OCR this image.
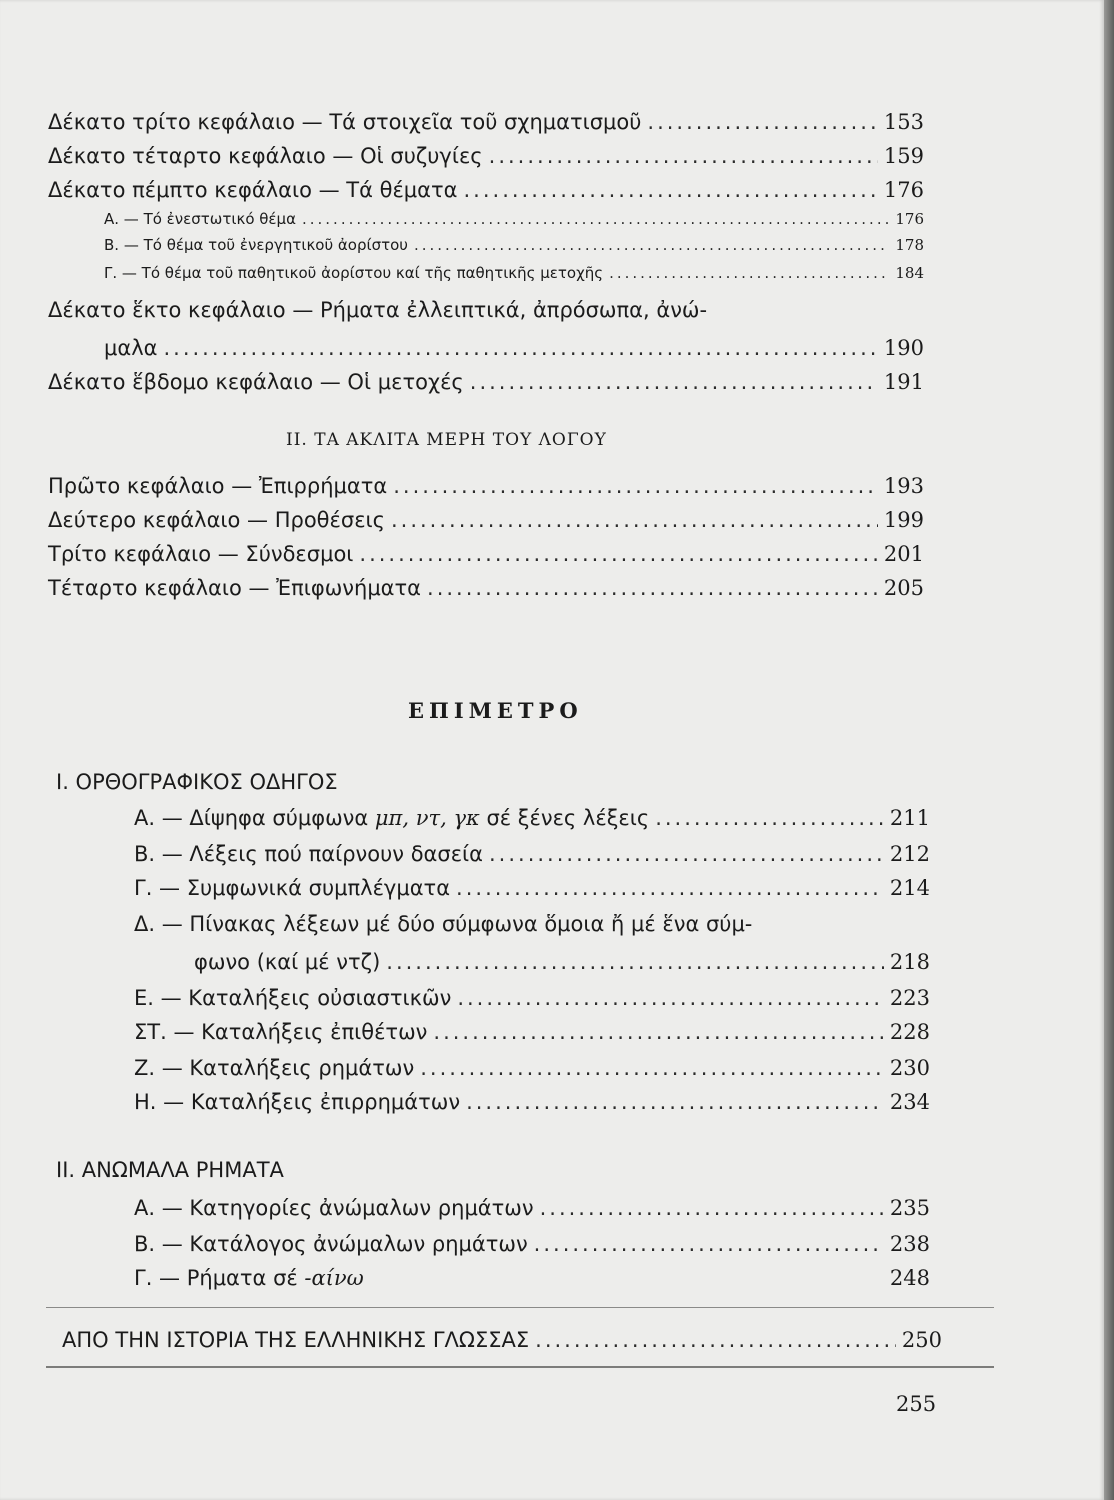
Δέκατο τρίτο κεφάλαιο — Τά στοιχεῖα τοῦ σχηματισμοῦ .....	153
Δέκατο τέταρτο κεφάλαιο — Οἱ συζυγίες .....	159
Δέκατο πέμπτο κεφάλαιο — Τά θέματα .....	176
Α. — Τό ἐνεστωτικό θέμα .....	176
Β. — Τό θέμα τοῦ ἐνεργητικοῦ ἀορίστου .....	178
Γ. — Τό θέμα τοῦ παθητικοῦ ἀορίστου καί τῆς παθητικῆς μετοχῆς .....	184
Δέκατο ἕκτο κεφάλαιο — Ρήματα ἐλλειπτικά, ἀπρόσωπα, ἀνώ-
μαλα .....	190
Δέκατο ἕβδομο κεφάλαιο — Οἱ μετοχές .....	191
ΙΙ. ΤΑ ΑΚΛΙΤΑ ΜΕΡΗ ΤΟΥ ΛΟΓΟΥ
Πρῶτο κεφάλαιο — Ἐπιρρήματα .....	193
Δεύτερο κεφάλαιο — Προθέσεις .....	199
Τρίτο κεφάλαιο — Σύνδεσμοι .....	201
Τέταρτο κεφάλαιο — Ἐπιφωνήματα .....	205
ΕΠΙΜΕΤΡΟ
Ι. ΟΡΘΟΓΡΑΦΙΚΟΣ ΟΔΗΓΟΣ
Α. — Δίψηφα σύμφωνα μπ, ντ, γκ σέ ξένες λέξεις .....	211
Β. — Λέξεις πού παίρνουν δασεία .....	212
Γ. — Συμφωνικά συμπλέγματα .....	214
Δ. — Πίνακας λέξεων μέ δύο σύμφωνα ὅμοια ἤ μέ ἕνα σύμ-
φωνο (καί μέ ντζ) .....	218
Ε. — Καταλήξεις οὐσιαστικῶν .....	223
ΣΤ. — Καταλήξεις ἐπιθέτων .....	228
Ζ. — Καταλήξεις ρημάτων .....	230
Η. — Καταλήξεις ἐπιρρημάτων .....	234
ΙΙ. ΑΝΩΜΑΛΑ ΡΗΜΑΤΑ
Α. — Κατηγορίες ἀνώμαλων ρημάτων .....	235
Β. — Κατάλογος ἀνώμαλων ρημάτων .....	238
Γ. — Ρήματα σέ -αίνω	248
ΑΠΟ ΤΗΝ ΙΣΤΟΡΙΑ ΤΗΣ ΕΛΛΗΝΙΚΗΣ ΓΛΩΣΣΑΣ .....	250
255
